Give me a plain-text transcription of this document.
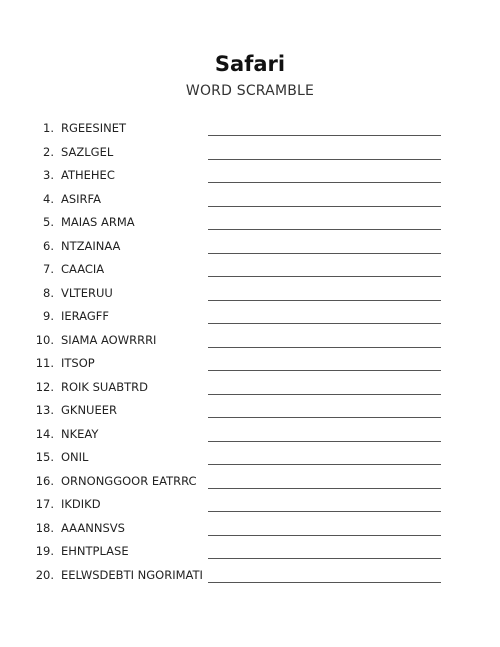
Safari
WORD SCRAMBLE
1. RGEESINET
2. SAZLGEL
3. ATHEHEC
4. ASIRFA
5. MAIAS ARMA
6. NTZAINAA
7. CAACIA
8. VLTERUU
9. IERAGFF
10. SIAMA AOWRRRI
11. ITSOP
12. ROIK SUABTRD
13. GKNUEER
14. NKEAY
15. ONIL
16. ORNONGGOOR EATRRC
17. IKDIKD
18. AAANNSVS
19. EHNTPLASE
20. EELWSDEBTI NGORIMATI
